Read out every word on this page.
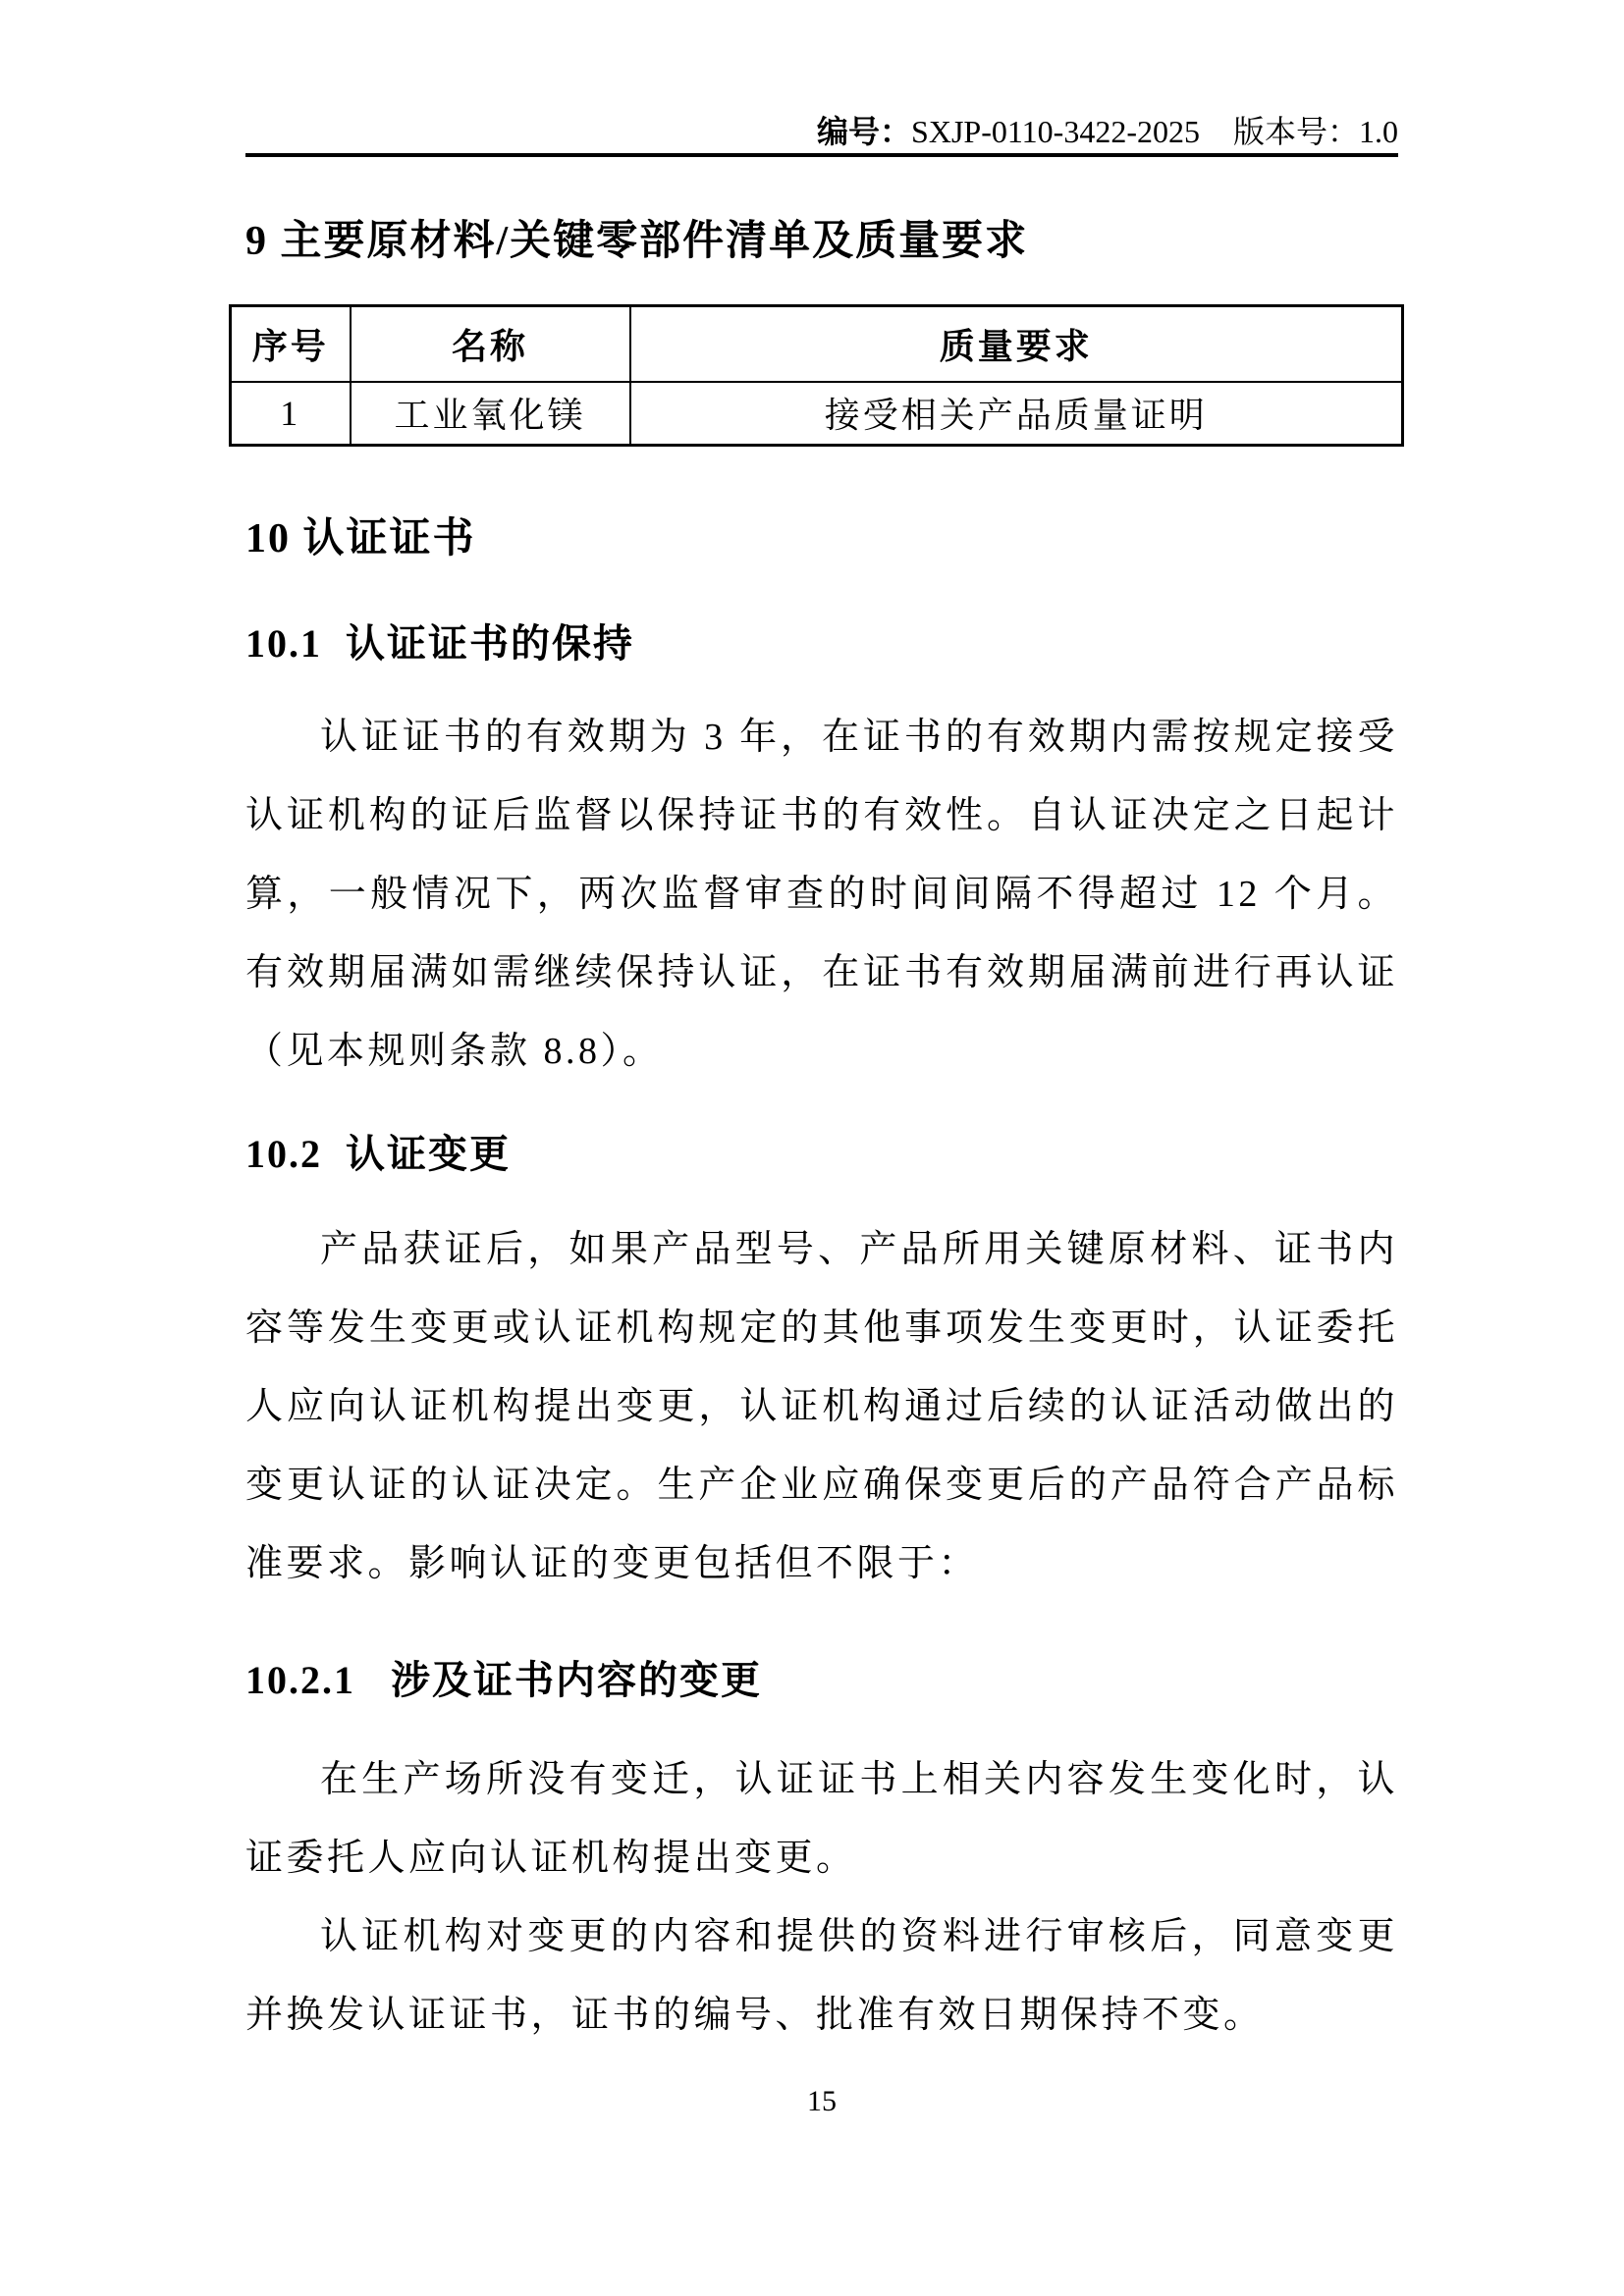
编号：SXJP-0110-3422-2025 版本号：1.0
9 主要原材料/关键零部件清单及质量要求
序号	名称	质量要求
1	工业氧化镁	接受相关产品质量证明
10 认证证书
10.1  认证证书的保持

认证证书的有效期为 3 年，在证书的有效期内需按规定接受认证机构的证后监督以保持证书的有效性。自认证决定之日起计算，一般情况下，两次监督审查的时间间隔不得超过 12 个月。有效期届满如需继续保持认证，在证书有效期届满前进行再认证（见本规则条款 8.8）。

10.2  认证变更

产品获证后，如果产品型号、产品所用关键原材料、证书内容等发生变更或认证机构规定的其他事项发生变更时，认证委托人应向认证机构提出变更，认证机构通过后续的认证活动做出的变更认证的认证决定。生产企业应确保变更后的产品符合产品标准要求。影响认证的变更包括但不限于：

10.2.1   涉及证书内容的变更

在生产场所没有变迁，认证证书上相关内容发生变化时，认证委托人应向认证机构提出变更。

认证机构对变更的内容和提供的资料进行审核后，同意变更并换发认证证书，证书的编号、批准有效日期保持不变。

15
